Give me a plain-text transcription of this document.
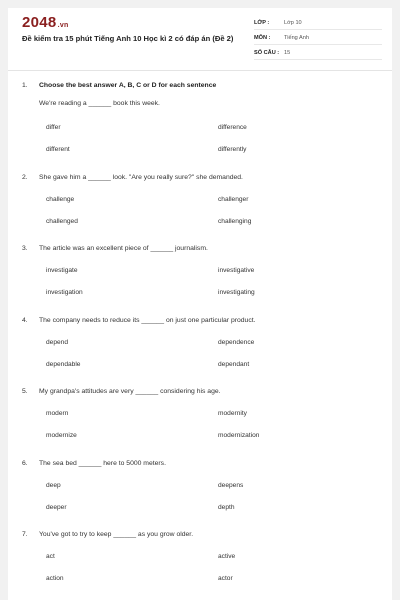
2048.vn
Đề kiểm tra 15 phút Tiếng Anh 10 Học kì 2 có đáp án (Đề 2)
LỚP :	Lớp 10
MÔN : Tiếng Anh
SỐ CÂU : 15
1. Choose the best answer A, B, C or D for each sentence
We're reading a ______ book this week.
differ	difference
different	differently
2. She gave him a ______ look. "Are you really sure?" she demanded.
challenge	challenger
challenged	challenging
3. The article was an excellent piece of ______ journalism.
investigate	investigative
investigation	investigating
4. The company needs to reduce its ______ on just one particular product.
depend	dependence
dependable	dependant
5. My grandpa's attitudes are very ______ considering his age.
modern	modernity
modernize	modernization
6. The sea bed ______ here to 5000 meters.
deep	deepens
deeper	depth
7. You've got to try to keep ______ as you grow older.
act	active
action	actor
